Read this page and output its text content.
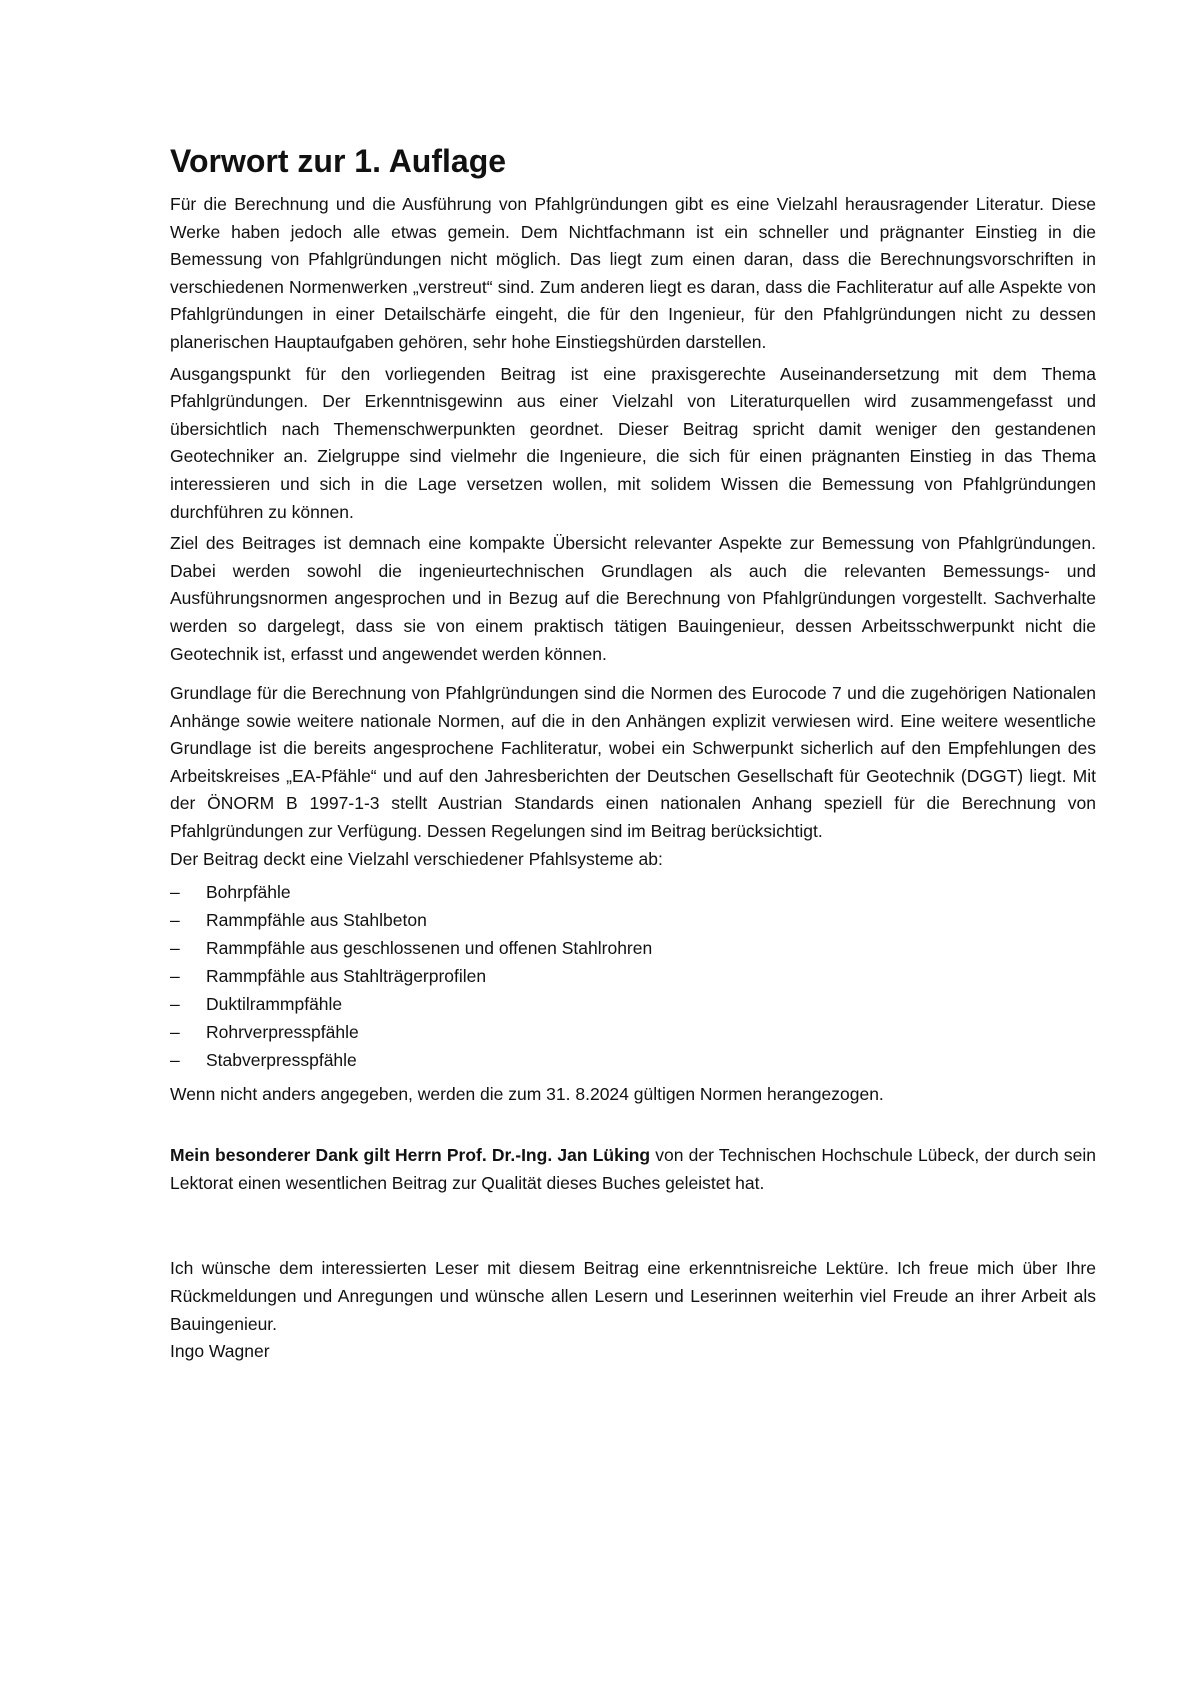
Vorwort zur 1. Auflage

Für die Berechnung und die Ausführung von Pfahlgründungen gibt es eine Vielzahl herausragender Literatur. Diese Werke haben jedoch alle etwas gemein. Dem Nichtfachmann ist ein schneller und prägnanter Einstieg in die Bemessung von Pfahlgründungen nicht möglich. Das liegt zum einen daran, dass die Berechnungsvorschriften in verschiedenen Normenwerken „verstreut“ sind. Zum anderen liegt es daran, dass die Fachliteratur auf alle Aspekte von Pfahlgründungen in einer Detailschärfe eingeht, die für den Ingenieur, für den Pfahlgründungen nicht zu dessen planerischen Hauptaufgaben gehören, sehr hohe Einstiegshürden darstellen.

Ausgangspunkt für den vorliegenden Beitrag ist eine praxisgerechte Auseinandersetzung mit dem Thema Pfahlgründungen. Der Erkenntnisgewinn aus einer Vielzahl von Literaturquellen wird zusammengefasst und übersichtlich nach Themenschwerpunkten geordnet. Dieser Beitrag spricht damit weniger den gestandenen Geotechniker an. Zielgruppe sind vielmehr die Ingenieure, die sich für einen prägnanten Einstieg in das Thema interessieren und sich in die Lage versetzen wollen, mit solidem Wissen die Bemessung von Pfahlgründungen durchführen zu können.

Ziel des Beitrages ist demnach eine kompakte Übersicht relevanter Aspekte zur Bemessung von Pfahlgründungen. Dabei werden sowohl die ingenieurtechnischen Grundlagen als auch die relevanten Bemessungs- und Ausführungsnormen angesprochen und in Bezug auf die Berechnung von Pfahlgründungen vorgestellt. Sachverhalte werden so dargelegt, dass sie von einem praktisch tätigen Bauingenieur, dessen Arbeitsschwerpunkt nicht die Geotechnik ist, erfasst und angewendet werden können.

Grundlage für die Berechnung von Pfahlgründungen sind die Normen des Eurocode 7 und die zugehörigen Nationalen Anhänge sowie weitere nationale Normen, auf die in den Anhängen explizit verwiesen wird. Eine weitere wesentliche Grundlage ist die bereits angesprochene Fachliteratur, wobei ein Schwerpunkt sicherlich auf den Empfehlungen des Arbeitskreises „EA-Pfähle“ und auf den Jahresberichten der Deutschen Gesellschaft für Geotechnik (DGGT) liegt. Mit der ÖNORM B 1997-1-3 stellt Austrian Standards einen nationalen Anhang speziell für die Berechnung von Pfahlgründungen zur Verfügung. Dessen Regelungen sind im Beitrag berücksichtigt.

Der Beitrag deckt eine Vielzahl verschiedener Pfahlsysteme ab:

– Bohrpfähle
– Rammpfähle aus Stahlbeton
– Rammpfähle aus geschlossenen und offenen Stahlrohren
– Rammpfähle aus Stahlträgerprofilen
– Duktilrammpfähle
– Rohrverpresspfähle
– Stabverpresspfähle

Wenn nicht anders angegeben, werden die zum 31. 8.2024 gültigen Normen herangezogen.

Mein besonderer Dank gilt Herrn Prof. Dr.-Ing. Jan Lüking von der Technischen Hochschule Lübeck, der durch sein Lektorat einen wesentlichen Beitrag zur Qualität dieses Buches geleistet hat.

Ich wünsche dem interessierten Leser mit diesem Beitrag eine erkenntnisreiche Lektüre. Ich freue mich über Ihre Rückmeldungen und Anregungen und wünsche allen Lesern und Leserinnen weiterhin viel Freude an ihrer Arbeit als Bauingenieur.

Ingo Wagner
